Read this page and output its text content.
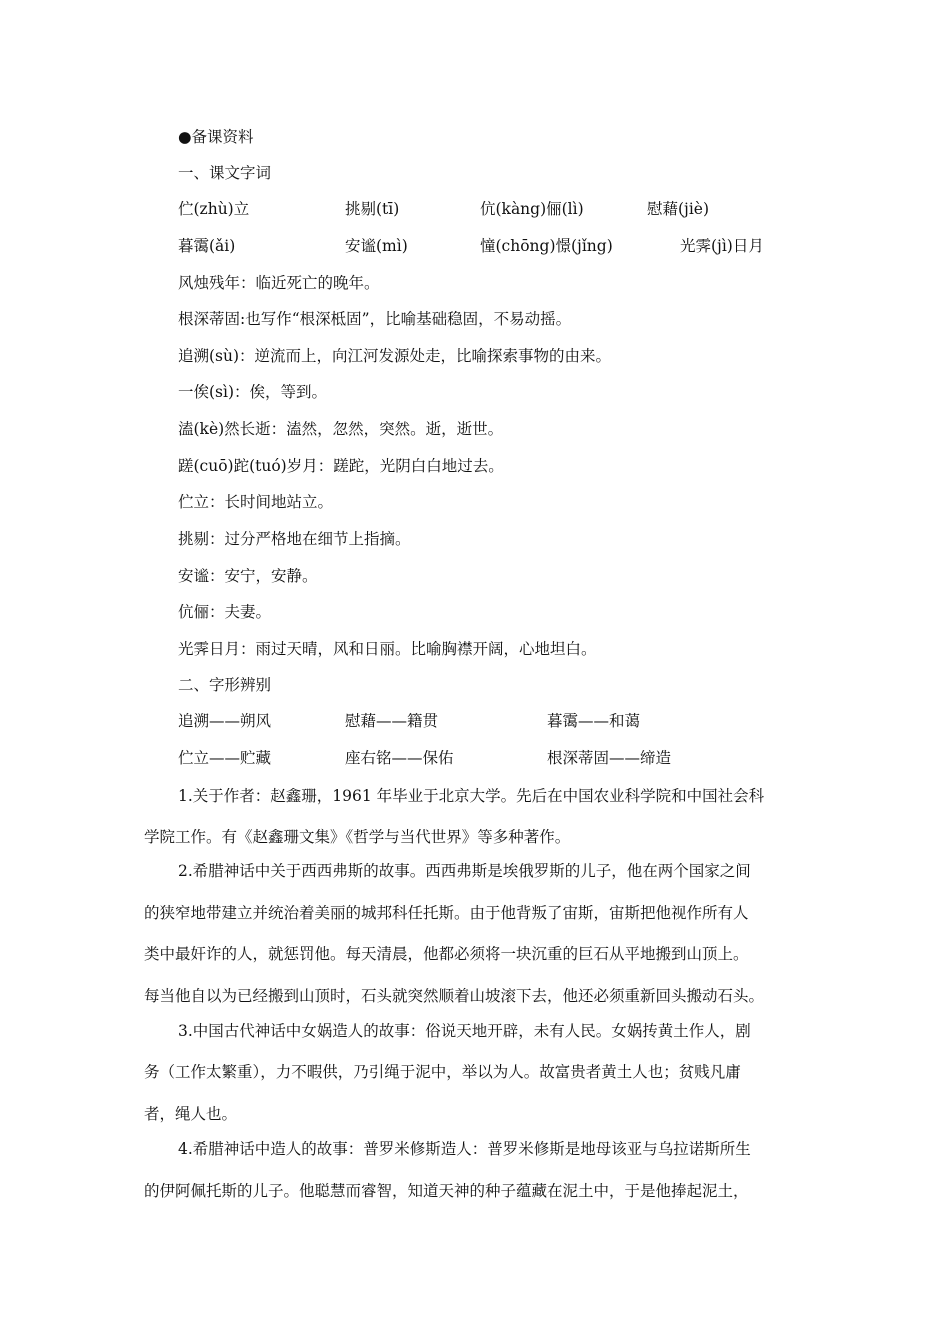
●备课资料
一、课文字词
伫(zhù)立	挑剔(tī)	伉(kàng)俪(lì)	慰藉(jiè)
暮霭(ǎi)	安谧(mì)	憧(chōng)憬(jǐng)	光霁(jì)日月
风烛残年：临近死亡的晚年。
根深蒂固:也写作“根深柢固”，比喻基础稳固，不易动摇。
追溯(sù)：逆流而上，向江河发源处走，比喻探索事物的由来。
一俟(sì)：俟，等到。
溘(kè)然长逝：溘然，忽然，突然。逝，逝世。
蹉(cuō)跎(tuó)岁月：蹉跎，光阴白白地过去。
伫立：长时间地站立。
挑剔：过分严格地在细节上指摘。
安谧：安宁，安静。
伉俪：夫妻。
光霁日月：雨过天晴，风和日丽。比喻胸襟开阔，心地坦白。
二、字形辨别
追溯——朔风	慰藉——籍贯	暮霭——和蔼
伫立——贮藏	座右铭——保佑	根深蒂固——缔造
1.关于作者：赵鑫珊，1961 年毕业于北京大学。先后在中国农业科学院和中国社会科
学院工作。有《赵鑫珊文集》《哲学与当代世界》等多种著作。
2.希腊神话中关于西西弗斯的故事。西西弗斯是埃俄罗斯的儿子，他在两个国家之间
的狭窄地带建立并统治着美丽的城邦科任托斯。由于他背叛了宙斯，宙斯把他视作所有人
类中最奸诈的人，就惩罚他。每天清晨，他都必须将一块沉重的巨石从平地搬到山顶上。
每当他自以为已经搬到山顶时，石头就突然顺着山坡滚下去，他还必须重新回头搬动石头。
3.中国古代神话中女娲造人的故事：俗说天地开辟，未有人民。女娲抟黄土作人，剧
务（工作太繁重），力不暇供，乃引绳于泥中，举以为人。故富贵者黄土人也；贫贱凡庸
者，绳人也。
4.希腊神话中造人的故事：普罗米修斯造人：普罗米修斯是地母该亚与乌拉诺斯所生
的伊阿佩托斯的儿子。他聪慧而睿智，知道天神的种子蕴藏在泥土中，于是他捧起泥土，
